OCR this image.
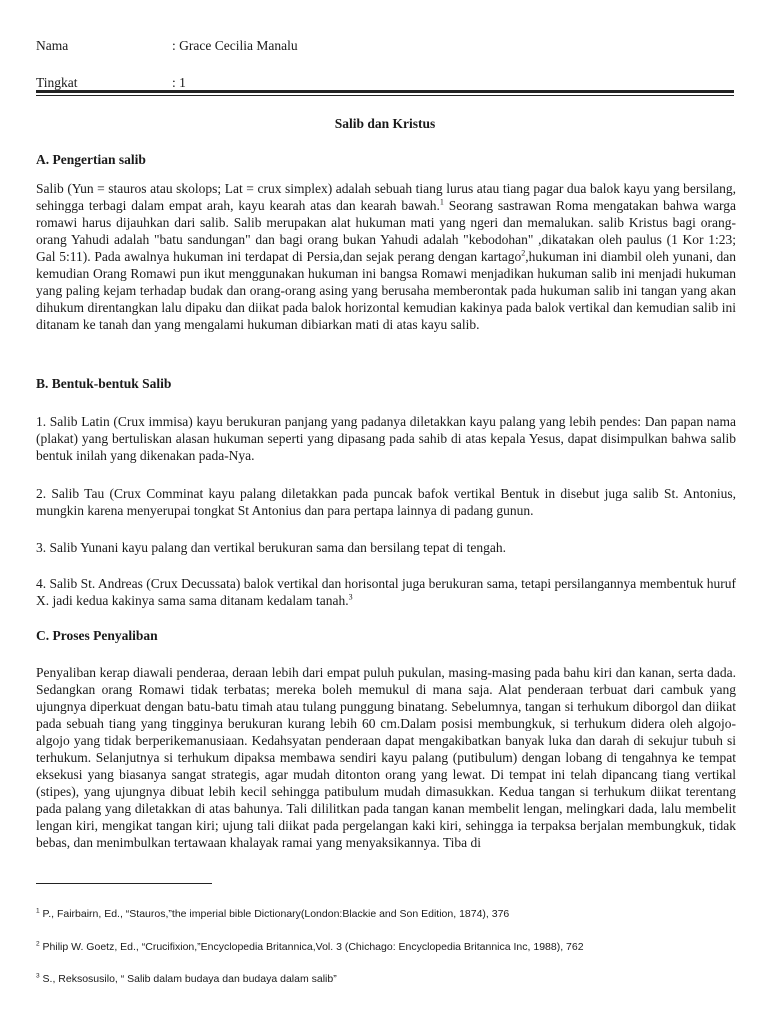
Nama	: Grace Cecilia Manalu
Tingkat	: 1
Salib dan Kristus
A. Pengertian salib
Salib (Yun = stauros atau skolops; Lat = crux simplex) adalah sebuah tiang lurus atau tiang pagar dua balok kayu yang bersilang, sehingga terbagi dalam empat arah, kayu kearah atas dan kearah bawah.$^1$ Seorang sastrawan Roma mengatakan bahwa warga romawi harus dijauhkan dari salib. Salib merupakan alat hukuman mati yang ngeri dan memalukan. salib Kristus bagi orang-orang Yahudi adalah "batu sandungan" dan bagi orang bukan Yahudi adalah "kebodohan" ,dikatakan oleh paulus (1 Kor 1:23; Gal 5:11). Pada awalnya hukuman ini terdapat di Persia,dan sejak perang dengan kartago$^2$,hukuman ini diambil oleh yunani, dan kemudian Orang Romawi pun ikut menggunakan hukuman ini bangsa Romawi menjadikan hukuman salib ini menjadi hukuman yang paling kejam terhadap budak dan orang-orang asing yang berusaha memberontak pada hukuman salib ini tangan yang akan dihukum direntangkan lalu dipaku dan diikat pada balok horizontal kemudian kakinya pada balok vertikal dan kemudian salib ini ditanam ke tanah dan yang mengalami hukuman dibiarkan mati di atas kayu salib.
B. Bentuk-bentuk Salib
1. Salib Latin (Crux immisa) kayu berukuran panjang yang padanya diletakkan kayu palang yang lebih pendes: Dan papan nama (plakat) yang bertuliskan alasan hukuman seperti yang dipasang pada sahib di atas kepala Yesus, dapat disimpulkan bahwa salib bentuk inilah yang dikenakan pada-Nya.
2. Salib Tau (Crux Comminat kayu palang diletakkan pada puncak bafok vertikal Bentuk in disebut juga salib St. Antonius, mungkin karena menyerupai tongkat St Antonius dan para pertapa lainnya di padang gunun.
3. Salib Yunani kayu palang dan vertikal berukuran sama dan bersilang tepat di tengah.
4. Salib St. Andreas (Crux Decussata) balok vertikal dan horisontal juga berukuran sama, tetapi persilangannya membentuk huruf X. jadi kedua kakinya sama sama ditanam kedalam tanah.$^3$
C. Proses Penyaliban
Penyaliban kerap diawali penderaa, deraan lebih dari empat puluh pukulan, masing-masing pada bahu kiri dan kanan, serta dada. Sedangkan orang Romawi tidak terbatas; mereka boleh memukul di mana saja. Alat penderaan terbuat dari cambuk yang ujungnya diperkuat dengan batu-batu timah atau tulang punggung binatang. Sebelumnya, tangan si terhukum diborgol dan diikat pada sebuah tiang yang tingginya berukuran kurang lebih 60 cm.Dalam posisi membungkuk, si terhukum didera oleh algojo-algojo yang tidak berperikemanusiaan. Kedahsyatan penderaan dapat mengakibatkan banyak luka dan darah di sekujur tubuh si terhukum. Selanjutnya si terhukum dipaksa membawa sendiri kayu palang (putibulum) dengan lobang di tengahnya ke tempat eksekusi yang biasanya sangat strategis, agar mudah ditonton orang yang lewat. Di tempat ini telah dipancang tiang vertikal (stipes), yang ujungnya dibuat lebih kecil sehingga patibulum mudah dimasukkan. Kedua tangan si terhukum diikat terentang pada palang yang diletakkan di atas bahunya. Tali dililitkan pada tangan kanan membelit lengan, melingkari dada, lalu membelit lengan kiri, mengikat tangan kiri; ujung tali diikat pada pergelangan kaki kiri, sehingga ia terpaksa berjalan membungkuk, tidak bebas, dan menimbulkan tertawaan khalayak ramai yang menyaksikannya. Tiba di
$^1$ P., Fairbairn, Ed., “Stauros,”the imperial bible Dictionary(London:Blackie and Son Edition, 1874), 376
$^2$ Philip W. Goetz, Ed., “Crucifixion,”Encyclopedia Britannica,Vol. 3 (Chichago: Encyclopedia Britannica Inc, 1988), 762
$^3$ S., Reksosusilo, “ Salib dalam budaya dan budaya dalam salib”
